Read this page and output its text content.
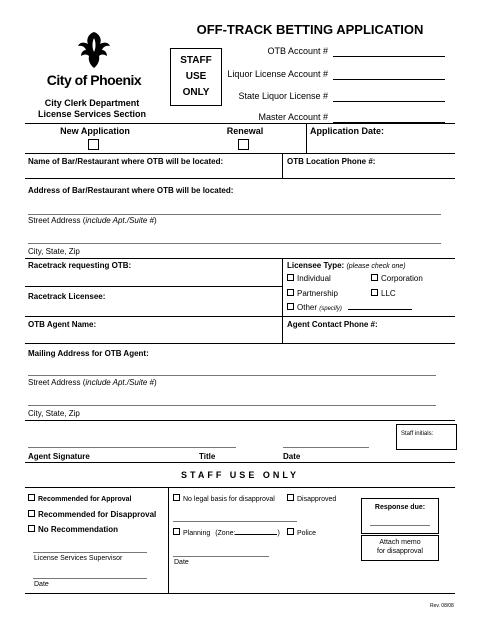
City of Phoenix
City Clerk Department
License Services Section
OFF-TRACK BETTING APPLICATION
STAFF
USE
ONLY
OTB Account #
Liquor License Account #
State Liquor License #
Master Account #
New Application	Renewal	Application Date:
Name of Bar/Restaurant where OTB will be located:	OTB Location Phone #:
Address of Bar/Restaurant where OTB will be located:
Street Address (include Apt./Suite #)
City, State, Zip
Racetrack requesting OTB:
Racetrack Licensee:
Licensee Type: (please check one)
Individual	Corporation
Partnership	LLC
Other (specify)
OTB Agent Name:	Agent Contact Phone #:
Mailing Address for OTB Agent:
Street Address (include Apt./Suite #)
City, State, Zip
Staff initials:
Agent Signature	Title	Date
STAFF USE ONLY
Recommended for Approval
Recommended for Disapproval
No Recommendation
License Services Supervisor
Date
No legal basis for disapproval	Disapproved
Planning (Zone:	)	Police
Date
Response due:
Attach memo
for disapproval
Rev. 08/08
